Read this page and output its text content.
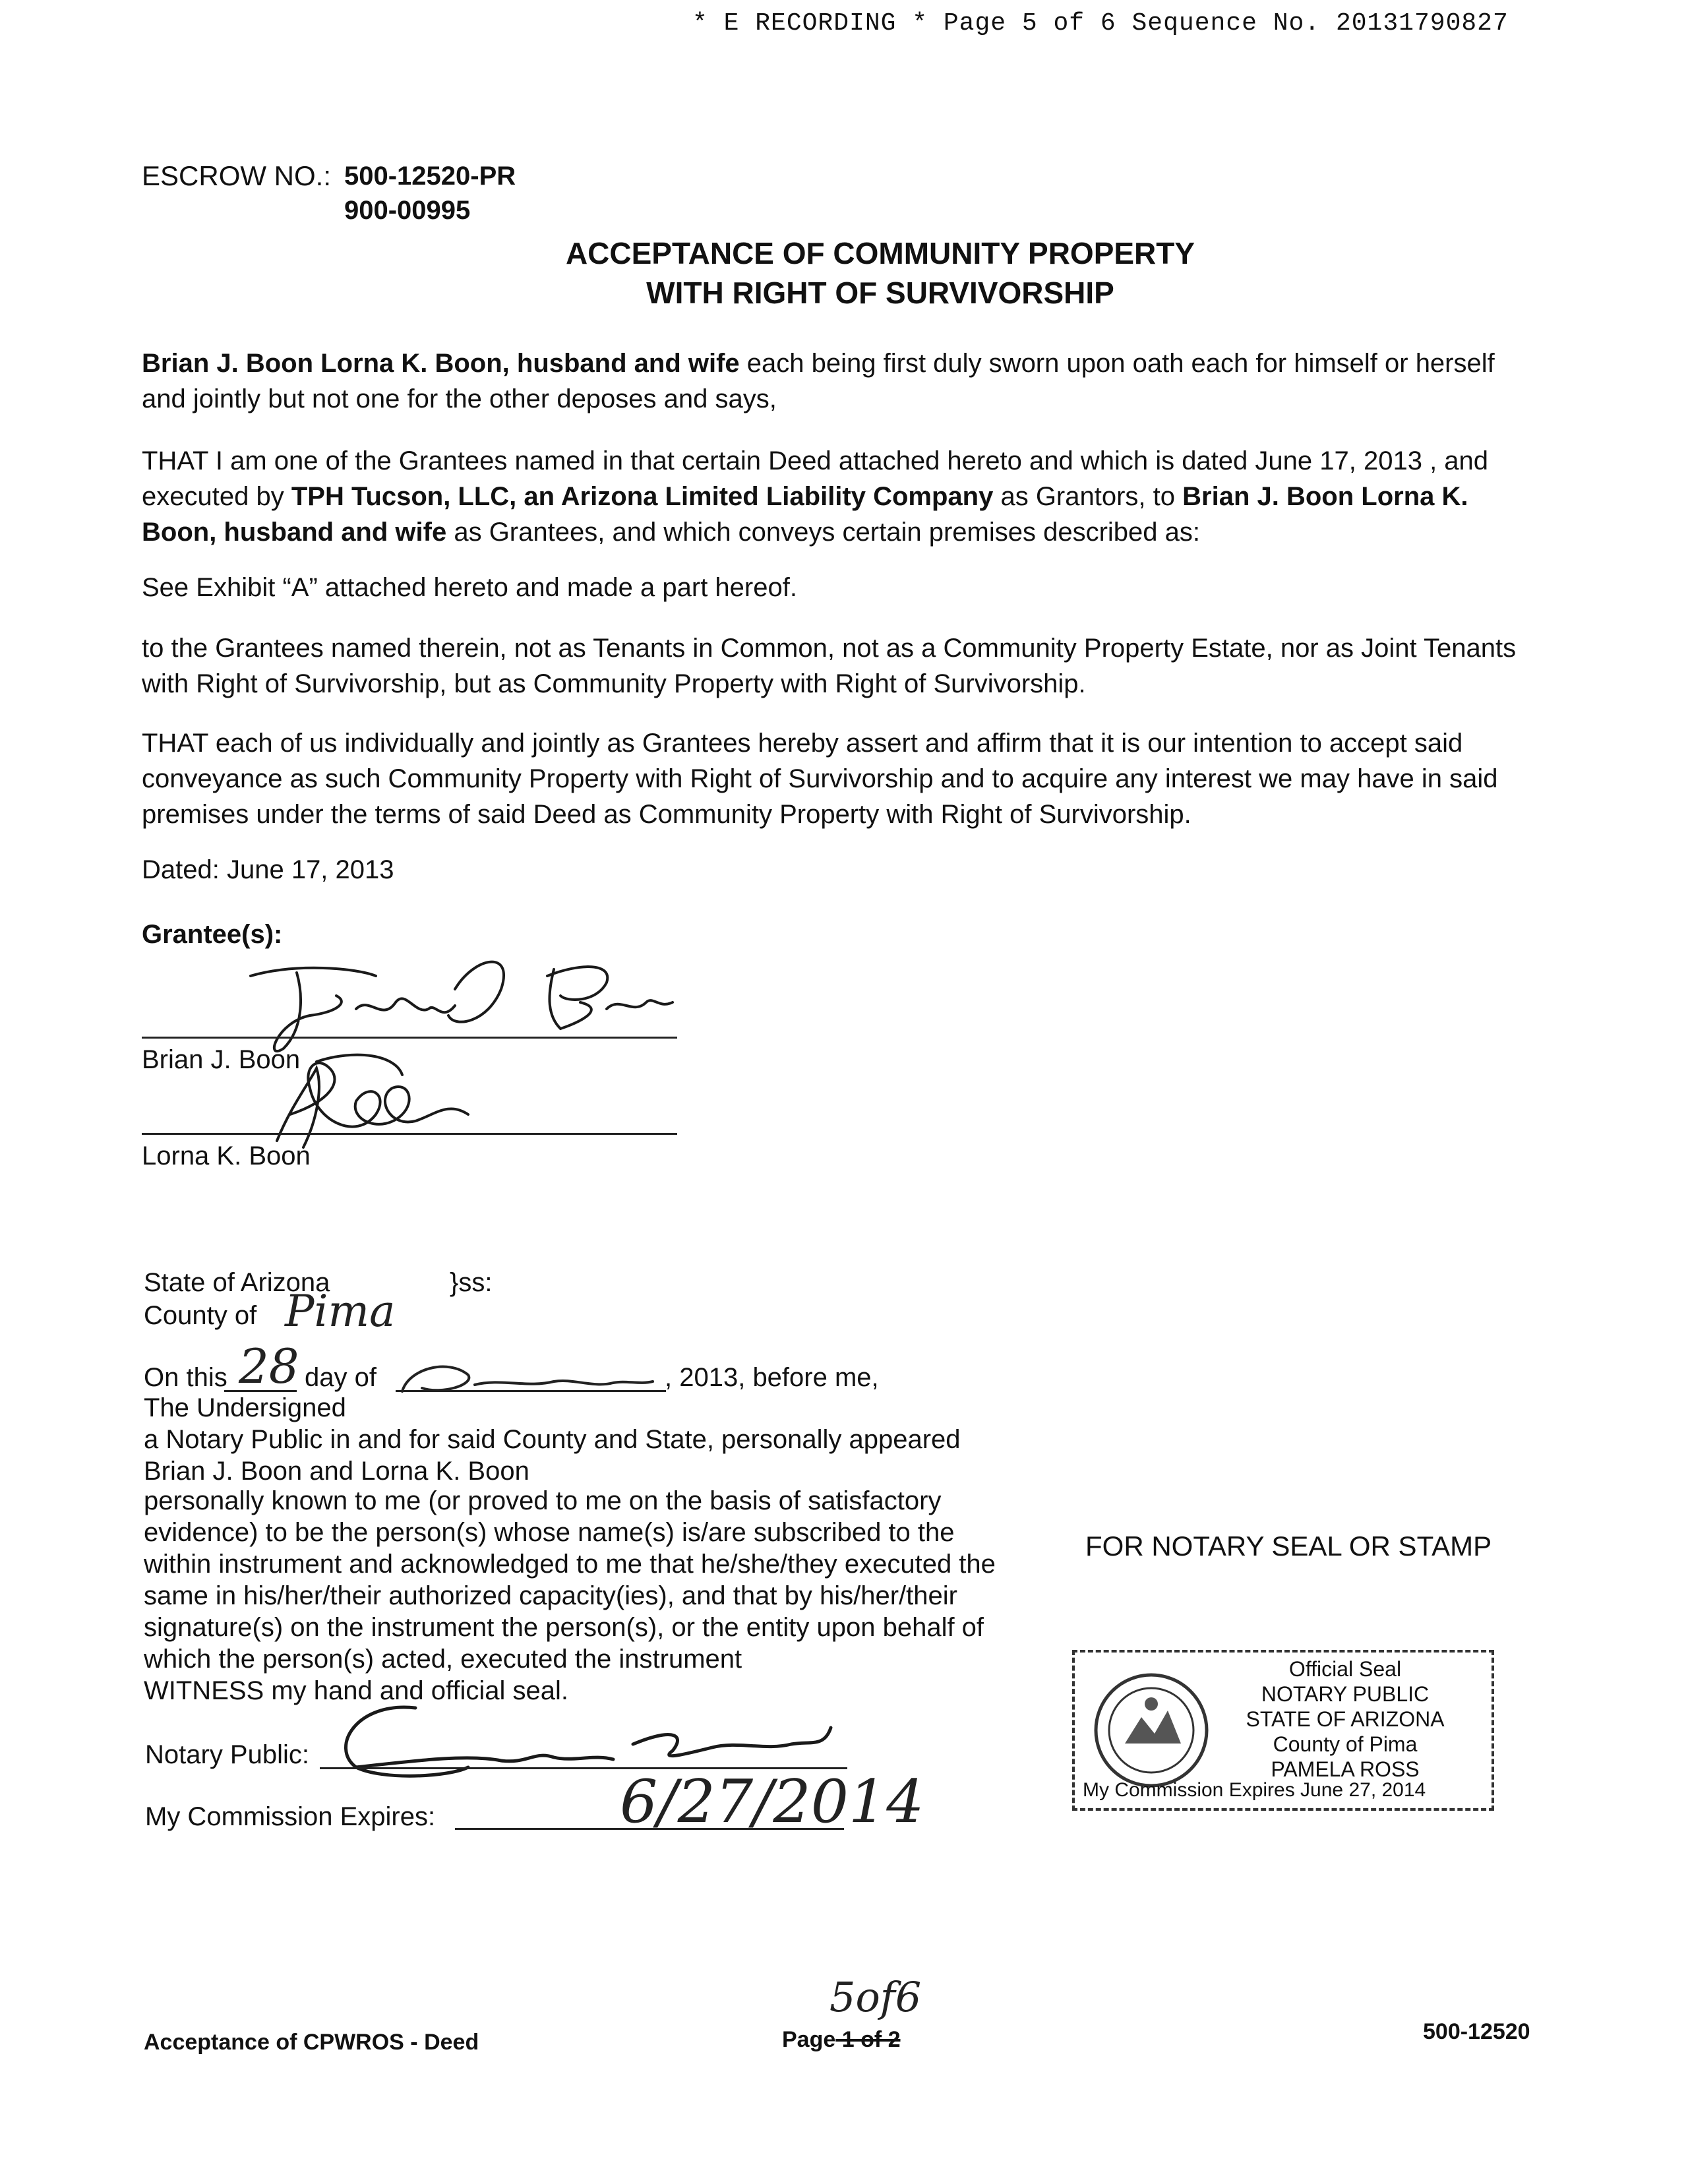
* E RECORDING * Page 5 of 6 Sequence No. 20131790827
ESCROW NO.: 500-12520-PR
900-00995
ACCEPTANCE OF COMMUNITY PROPERTY
WITH RIGHT OF SURVIVORSHIP
Brian J. Boon Lorna K. Boon, husband and wife each being first duly sworn upon oath each for himself or herself and jointly but not one for the other deposes and says,
THAT I am one of the Grantees named in that certain Deed attached hereto and which is dated June 17, 2013 , and executed by TPH Tucson, LLC, an Arizona Limited Liability Company as Grantors, to Brian J. Boon Lorna K. Boon, husband and wife as Grantees, and which conveys certain premises described as:
See Exhibit “A” attached hereto and made a part hereof.
to the Grantees named therein, not as Tenants in Common, not as a Community Property Estate, nor as Joint Tenants with Right of Survivorship, but as Community Property with Right of Survivorship.
THAT each of us individually and jointly as Grantees hereby assert and affirm that it is our intention to accept said conveyance as such Community Property with Right of Survivorship and to acquire any interest we may have in said premises under the terms of said Deed as Community Property with Right of Survivorship.
Dated: June 17, 2013
Grantee(s):
Brian J. Boon
Lorna K. Boon
State of Arizona	}ss:
County of Pima
On this 28 day of	, 2013, before me,
The Undersigned
a Notary Public in and for said County and State, personally appeared
Brian J. Boon and Lorna K. Boon
personally known to me (or proved to me on the basis of satisfactory
evidence) to be the person(s) whose name(s) is/are subscribed to the
within instrument and acknowledged to me that he/she/they executed the
same in his/her/their authorized capacity(ies), and that by his/her/their
signature(s) on the instrument the person(s), or the entity upon behalf of
which the person(s) acted, executed the instrument
WITNESS my hand and official seal.
FOR NOTARY SEAL OR STAMP
Notary Public:
My Commission Expires:	6/27/2014
Official Seal
NOTARY PUBLIC
STATE OF ARIZONA
County of Pima
PAMELA ROSS
My Commission Expires June 27, 2014
5of6
Acceptance of CPWROS - Deed	Page 1 of 2	500-12520
